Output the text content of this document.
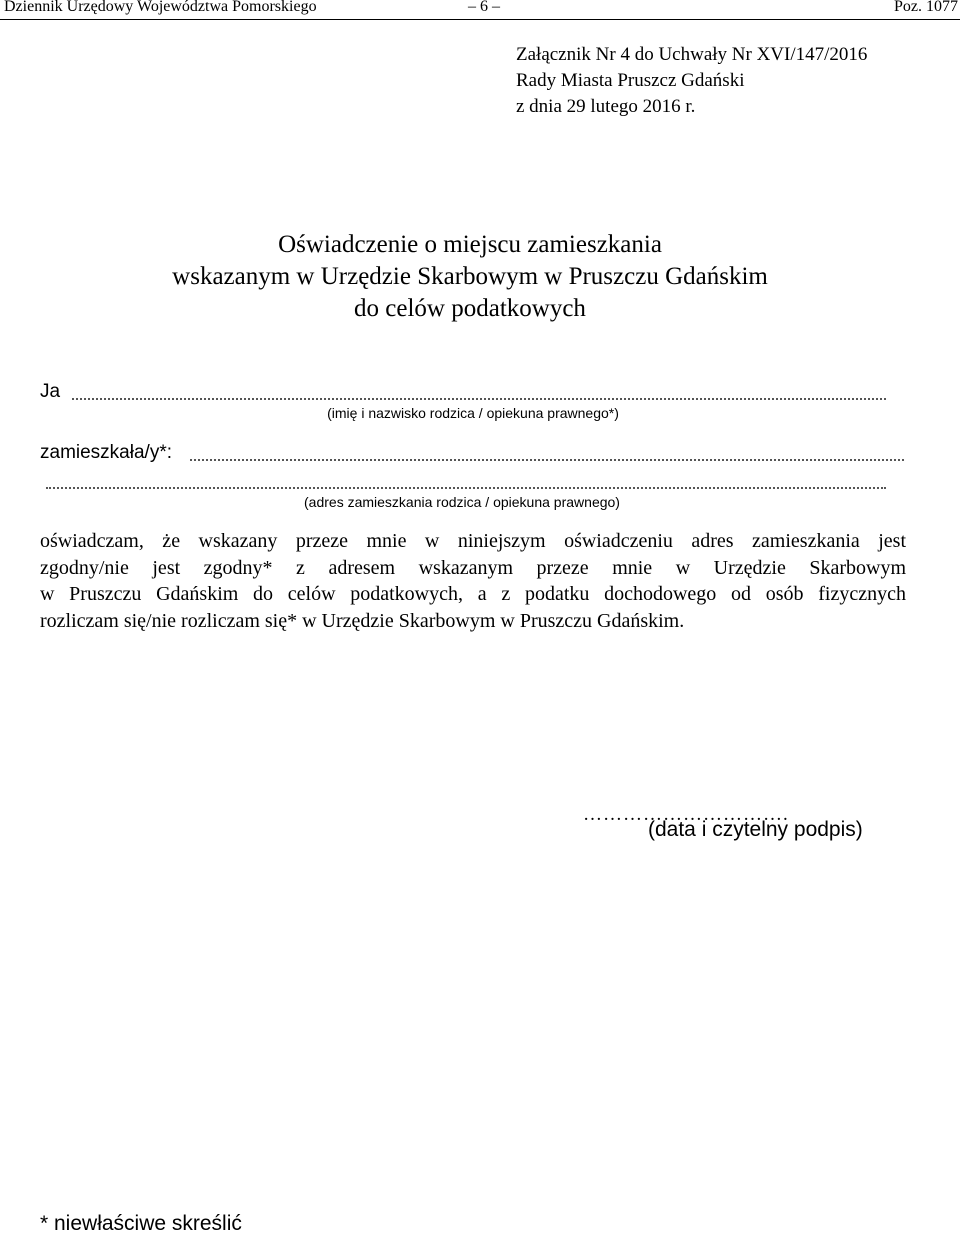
Dziennik Urzędowy Województwa Pomorskiego	– 6 –	Poz. 1077
Załącznik Nr 4 do Uchwały Nr XVI/147/2016
Rady Miasta Pruszcz Gdański
z dnia 29 lutego 2016 r.
Oświadczenie o miejscu zamieszkania
wskazanym w Urzędzie Skarbowym w Pruszczu Gdańskim
do celów podatkowych
Ja
(imię i nazwisko rodzica / opiekuna prawnego*)
zamieszkała/y*:
(adres zamieszkania rodzica / opiekuna prawnego)
oświadczam, że wskazany przeze mnie w niniejszym oświadczeniu adres zamieszkania jest
zgodny/nie jest zgodny* z adresem wskazanym przeze mnie w Urzędzie Skarbowym
w Pruszczu Gdańskim do celów podatkowych, a z podatku dochodowego od osób fizycznych
rozliczam się/nie rozliczam się* w Urzędzie Skarbowym w Pruszczu Gdańskim.
………………………….
(data i czytelny podpis)
* niewłaściwe skreślić
